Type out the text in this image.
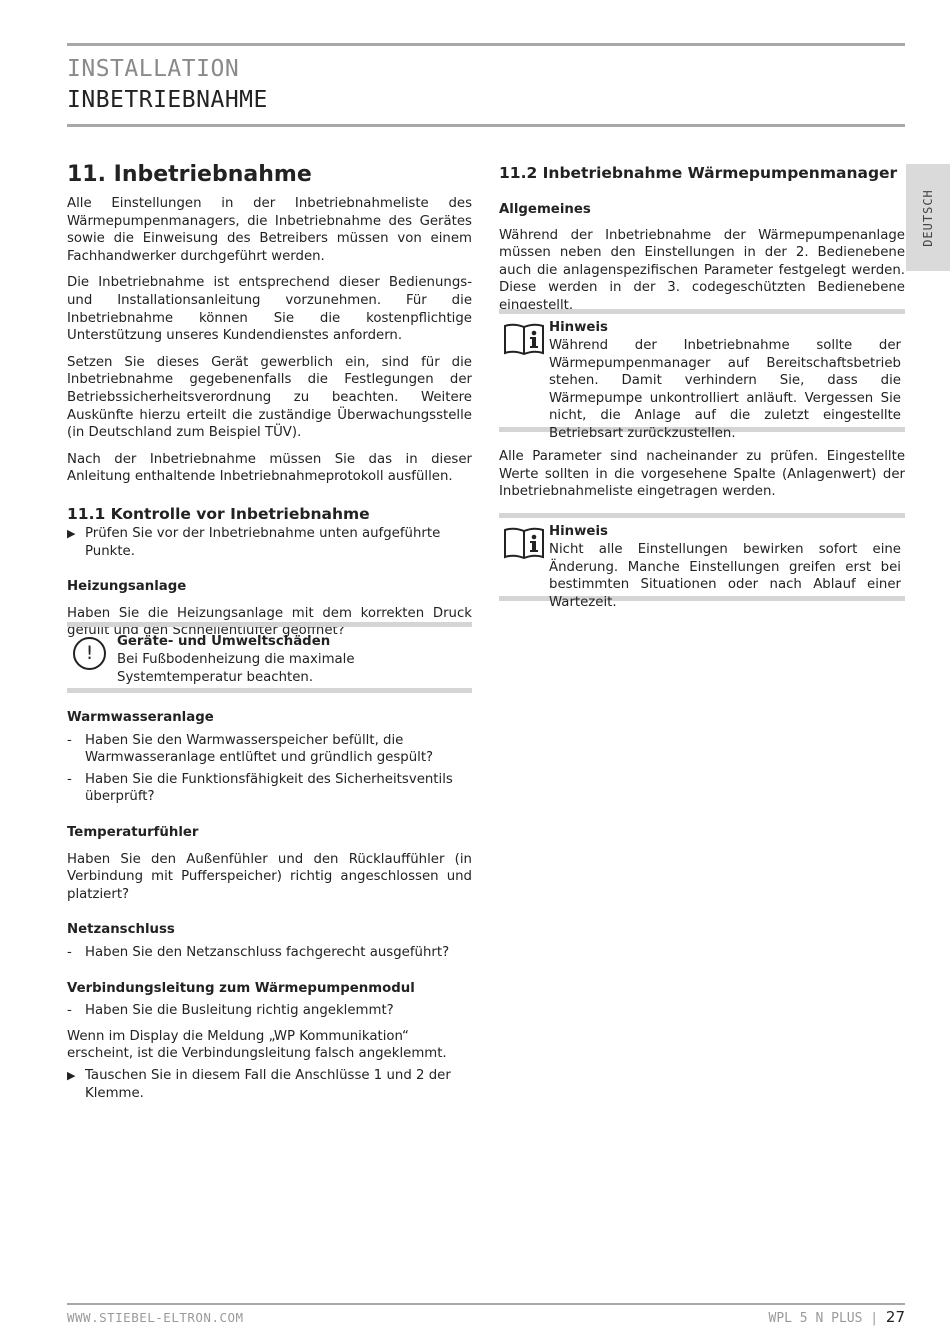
INSTALLATION
INBETRIEBNAHME
DEUTSCH
11. Inbetriebnahme

Alle Einstellungen in der Inbetriebnahmeliste des Wärmepumpenmanagers, die Inbetriebnahme des Gerätes sowie die Einweisung des Betreibers müssen von einem Fachhandwerker durchgeführt werden.

Die Inbetriebnahme ist entsprechend dieser Bedienungs- und Installationsanleitung vorzunehmen. Für die Inbetriebnahme können Sie die kostenpflichtige Unterstützung unseres Kundendienstes anfordern.

Setzen Sie dieses Gerät gewerblich ein, sind für die Inbetriebnahme gegebenenfalls die Festlegungen der Betriebssicherheitsverordnung zu beachten. Weitere Auskünfte hierzu erteilt die zuständige Überwachungsstelle (in Deutschland zum Beispiel TÜV).

Nach der Inbetriebnahme müssen Sie das in dieser Anleitung enthaltende Inbetriebnahmeprotokoll ausfüllen.

11.1 Kontrolle vor Inbetriebnahme
▶ Prüfen Sie vor der Inbetriebnahme unten aufgeführte Punkte.
Heizungsanlage

Haben Sie die Heizungsanlage mit dem korrekten Druck gefüllt und den Schnellentlüfter geöffnet?

!
Geräte- und Umweltschäden
Bei Fußbodenheizung die maximale Systemtemperatur beachten.
Warmwasseranlage
- Haben Sie den Warmwasserspeicher befüllt, die Warmwasseranlage entlüftet und gründlich gespült?
- Haben Sie die Funktionsfähigkeit des Sicherheitsventils überprüft?
Temperaturfühler

Haben Sie den Außenfühler und den Rücklauffühler (in Verbindung mit Pufferspeicher) richtig angeschlossen und platziert?

Netzanschluss
- Haben Sie den Netzanschluss fachgerecht ausgeführt?
Verbindungsleitung zum Wärmepumpenmodul
- Haben Sie die Busleitung richtig angeklemmt?

Wenn im Display die Meldung „WP Kommunikation“ erscheint, ist die Verbindungsleitung falsch angeklemmt.

▶ Tauschen Sie in diesem Fall die Anschlüsse 1 und 2 der Klemme.
11.2 Inbetriebnahme Wärmepumpenmanager
Allgemeines

Während der Inbetriebnahme der Wärmepumpenanlage müssen neben den Einstellungen in der 2. Bedienebene auch die anlagenspezifischen Parameter festgelegt werden. Diese werden in der 3. codegeschützten Bedienebene eingestellt.

Hinweis
Während der Inbetriebnahme sollte der Wärmepumpenmanager auf Bereitschaftsbetrieb stehen. Damit verhindern Sie, dass die Wärmepumpe unkontrolliert anläuft. Vergessen Sie nicht, die Anlage auf die zuletzt eingestellte Betriebsart zurückzustellen.

Alle Parameter sind nacheinander zu prüfen. Eingestellte Werte sollten in die vorgesehene Spalte (Anlagenwert) der Inbetriebnahmeliste eingetragen werden.

Hinweis
Nicht alle Einstellungen bewirken sofort eine Änderung. Manche Einstellungen greifen erst bei bestimmten Situationen oder nach Ablauf einer Wartezeit.
WWW.STIEBEL-ELTRON.COM	WPL 5 N PLUS | 27
